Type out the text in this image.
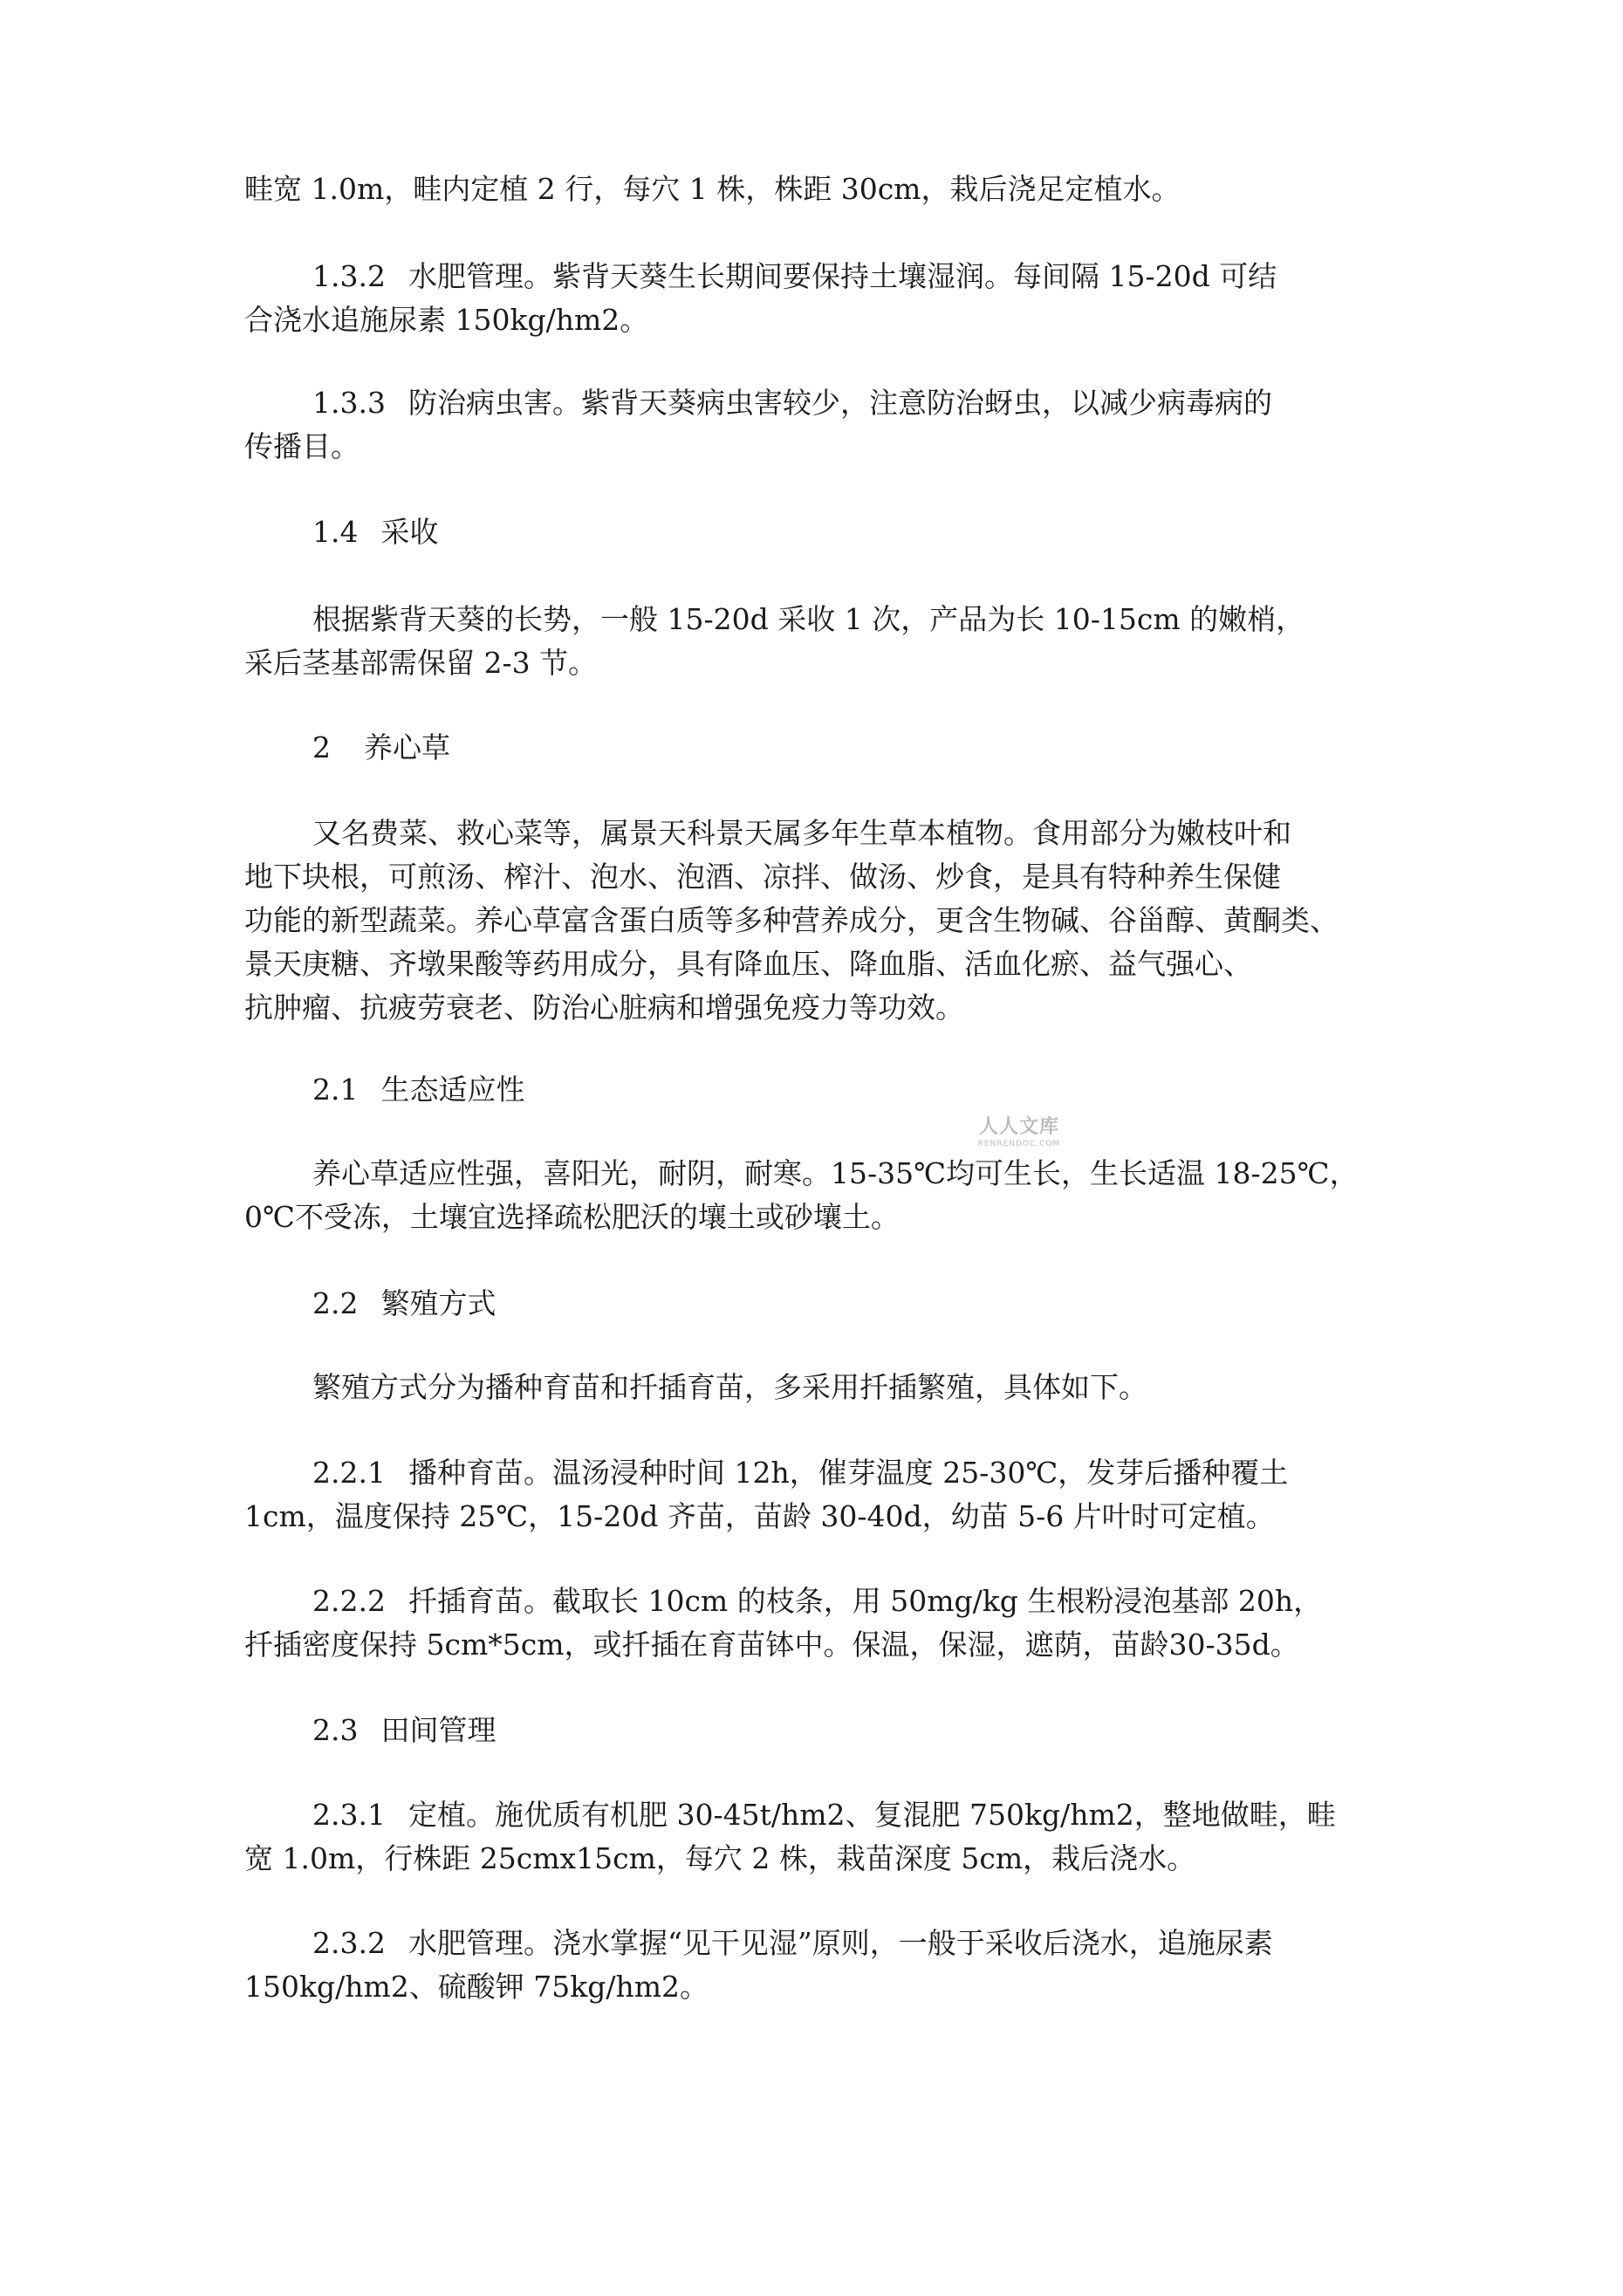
畦宽 1.0m，畦内定植 2 行，每穴 1 株，株距 30cm，栽后浇足定植水。

1.3.2 水肥管理。紫背天葵生长期间要保持土壤湿润。每间隔 15-20d 可结
合浇水追施尿素 150kg/hm2。

1.3.3 防治病虫害。紫背天葵病虫害较少，注意防治蚜虫，以减少病毒病的
传播目。

1.4 采收

根据紫背天葵的长势，一般 15-20d 采收 1 次，产品为长 10-15cm 的嫩梢，
采后茎基部需保留 2-3 节。

2 养心草

又名费菜、救心菜等，属景天科景天属多年生草本植物。食用部分为嫩枝叶和
地下块根，可煎汤、榨汁、泡水、泡酒、凉拌、做汤、炒食，是具有特种养生保健
功能的新型蔬菜。养心草富含蛋白质等多种营养成分，更含生物碱、谷甾醇、黄酮类、
景天庚糖、齐墩果酸等药用成分，具有降血压、降血脂、活血化瘀、益气强心、
抗肿瘤、抗疲劳衰老、防治心脏病和增强免疫力等功效。

2.1 生态适应性

养心草适应性强，喜阳光，耐阴，耐寒。15-35℃均可生长，生长适温 18-25℃，
0℃不受冻，土壤宜选择疏松肥沃的壤土或砂壤土。

2.2 繁殖方式

繁殖方式分为播种育苗和扦插育苗，多采用扦插繁殖，具体如下。

2.2.1 播种育苗。温汤浸种时间 12h，催芽温度 25-30℃，发芽后播种覆土
1cm，温度保持 25℃，15-20d 齐苗，苗龄 30-40d，幼苗 5-6 片叶时可定植。

2.2.2 扦插育苗。截取长 10cm 的枝条，用 50mg/kg 生根粉浸泡基部 20h，
扦插密度保持 5cm*5cm，或扦插在育苗钵中。保温，保湿，遮荫，苗龄30-35d。

2.3 田间管理

2.3.1 定植。施优质有机肥 30-45t/hm2、复混肥 750kg/hm2，整地做畦，畦
宽 1.0m，行株距 25cmx15cm，每穴 2 株，栽苗深度 5cm，栽后浇水。

2.3.2 水肥管理。浇水掌握“见干见湿”原则，一般于采收后浇水，追施尿素
150kg/hm2、硫酸钾 75kg/hm2。

人人文库
RENRENDOC.COM
